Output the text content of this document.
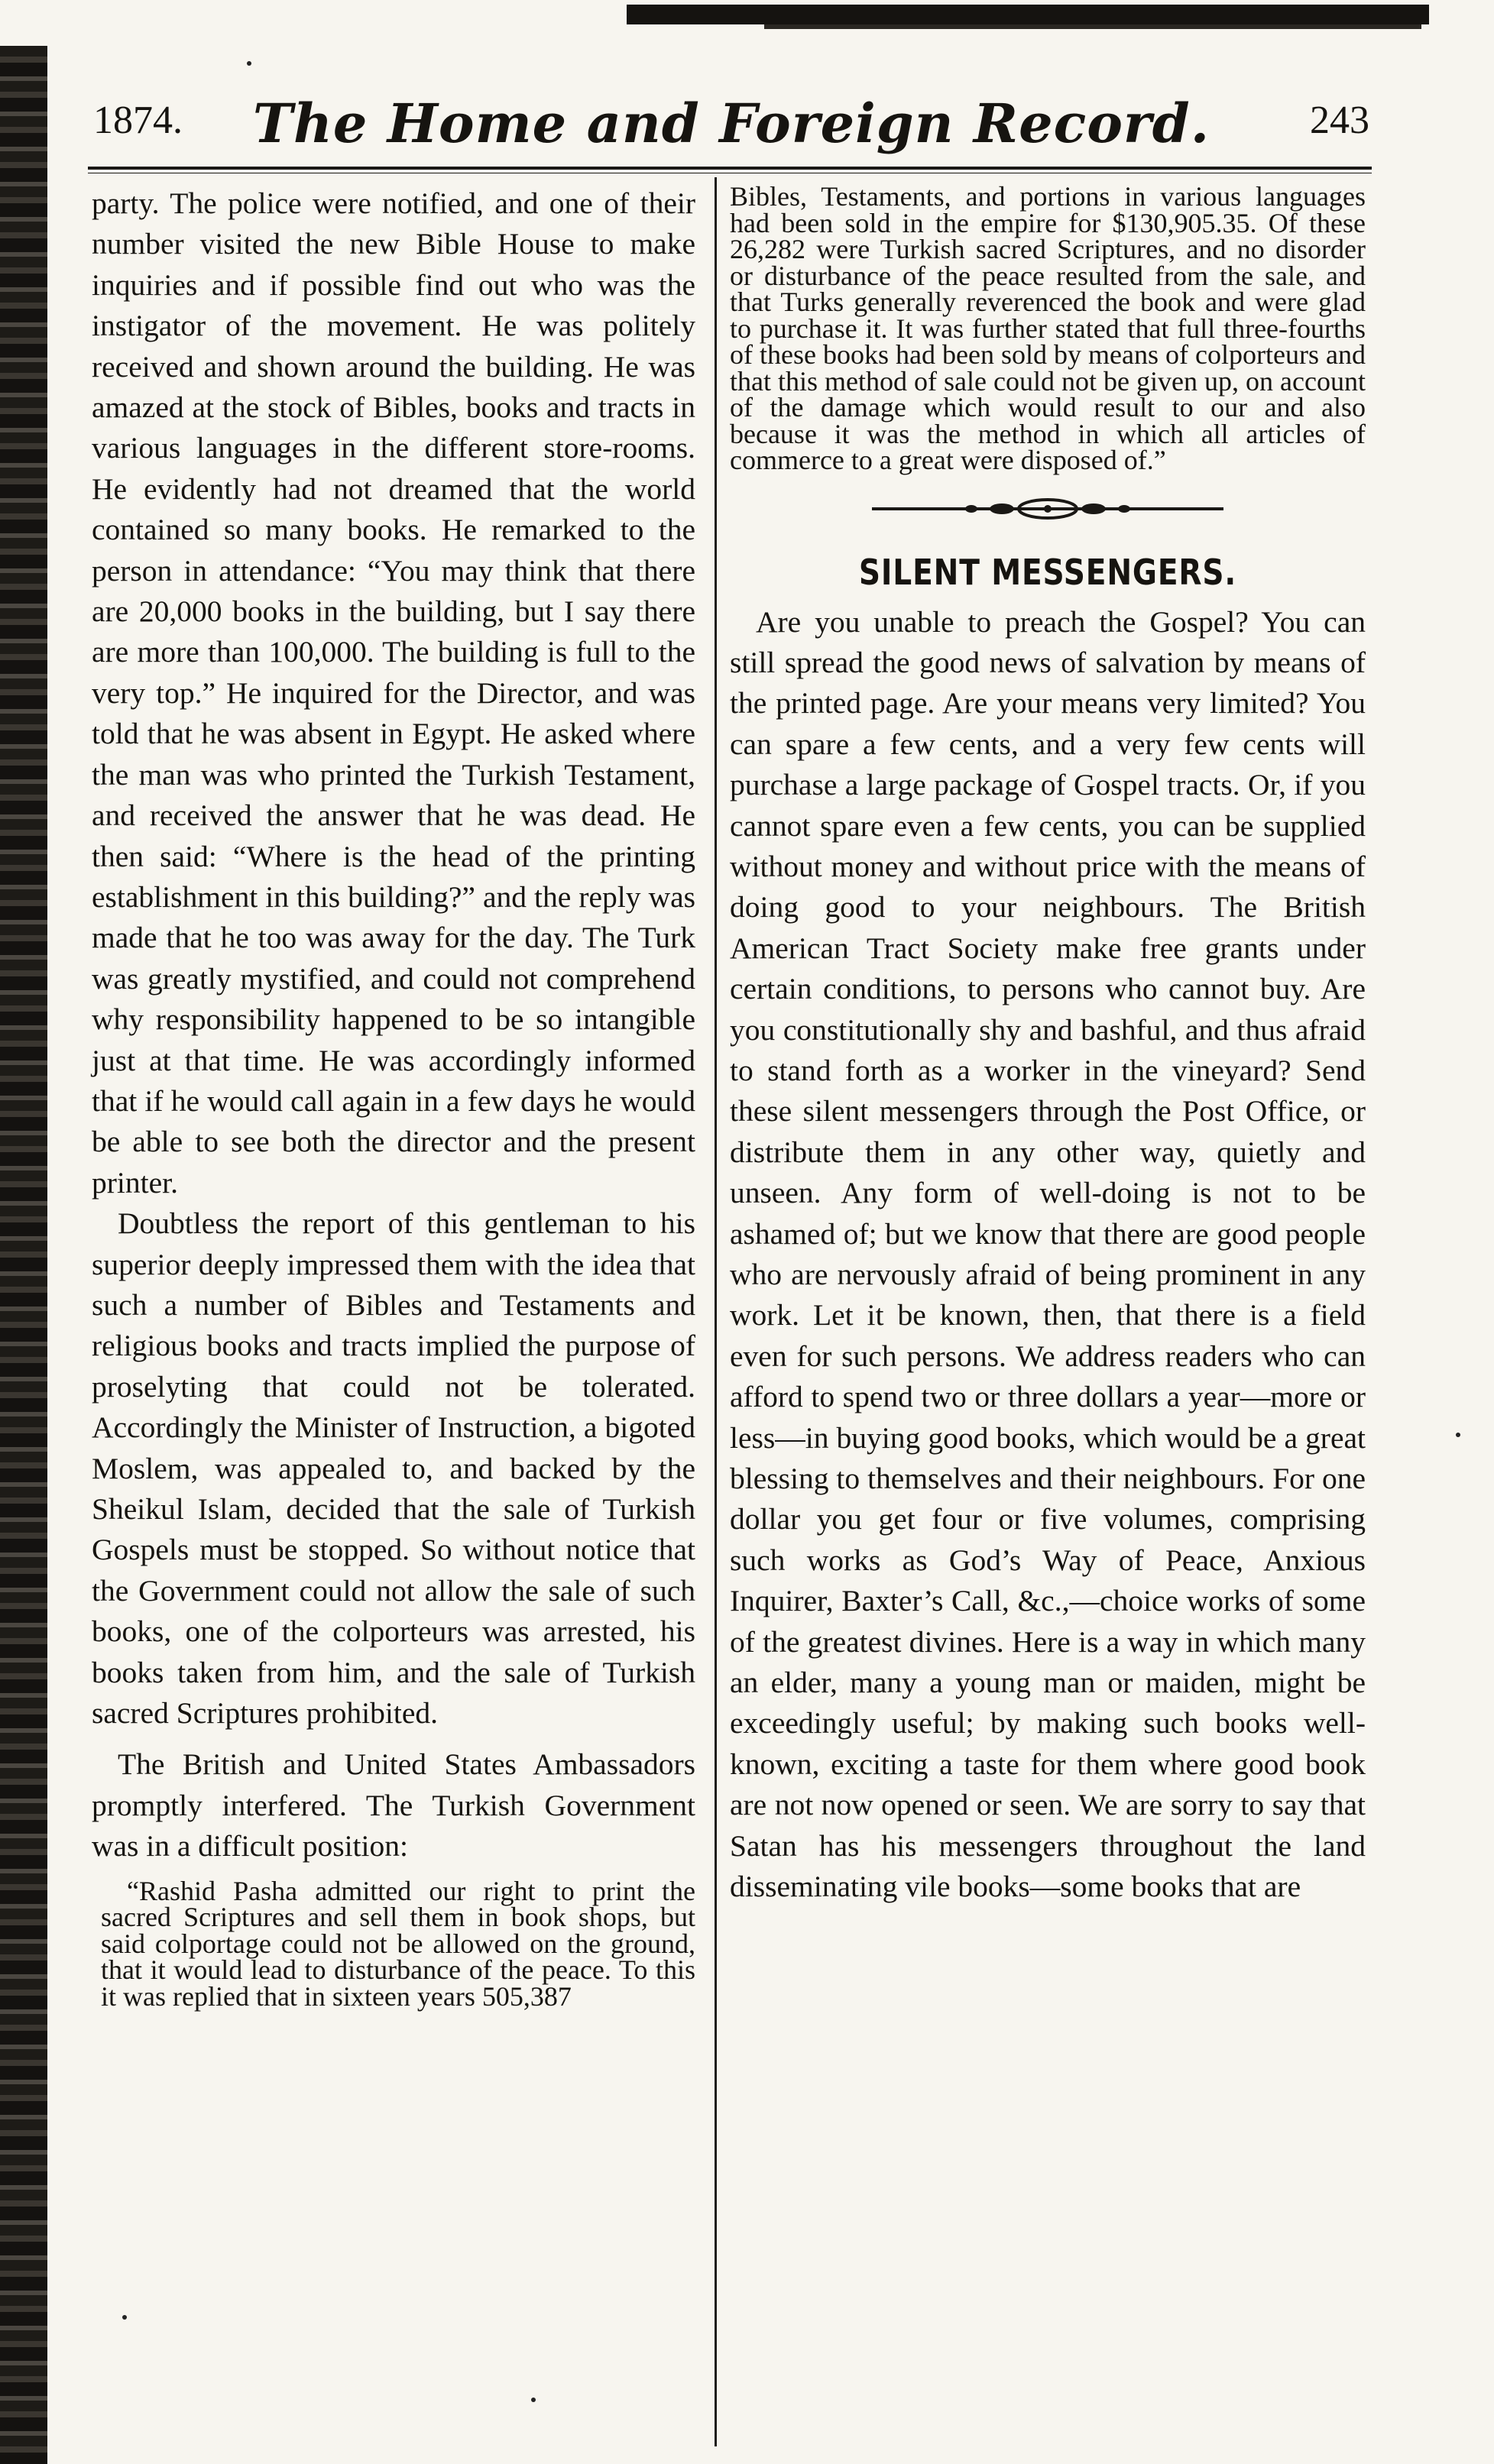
1874.	The Home and Foreign Record.	243

party. The police were notified, and one of their number visited the new Bible House to make inquiries and if possible find out who was the instigator of the movement. He was politely received and shown around the building. He was amazed at the stock of Bibles, books and tracts in various languages in the different store-rooms. He evidently had not dreamed that the world contained so many books. He remarked to the person in attendance: “You may think that there are 20,000 books in the building, but I say there are more than 100,000. The building is full to the very top.” He inquired for the Director, and was told that he was absent in Egypt. He asked where the man was who printed the Turkish Testament, and received the answer that he was dead. He then said: “Where is the head of the printing establishment in this building?” and the reply was made that he too was away for the day. The Turk was greatly mystified, and could not comprehend why responsibility happened to be so intangible just at that time. He was accordingly informed that if he would call again in a few days he would be able to see both the director and the present printer.

Doubtless the report of this gentleman to his superior deeply impressed them with the idea that such a number of Bibles and Testaments and religious books and tracts implied the purpose of proselyting that could not be tolerated. Accordingly the Minister of Instruction, a bigoted Moslem, was appealed to, and backed by the Sheikul Islam, decided that the sale of Turkish Gospels must be stopped. So without notice that the Government could not allow the sale of such books, one of the colporteurs was arrested, his books taken from him, and the sale of Turkish sacred Scriptures prohibited.

The British and United States Ambassadors promptly interfered. The Turkish Government was in a difficult position:

“Rashid Pasha admitted our right to print the sacred Scriptures and sell them in book shops, but said colportage could not be allowed on the ground, that it would lead to disturbance of the peace. To this it was replied that in sixteen years 505,387

Bibles, Testaments, and portions in various languages had been sold in the empire for $130,905.35. Of these 26,282 were Turkish sacred Scriptures, and no disorder or disturbance of the peace resulted from the sale, and that Turks generally reverenced the book and were glad to purchase it. It was further stated that full three-fourths of these books had been sold by means of colporteurs and that this method of sale could not be given up, on account of the damage which would result to our and also because it was the method in which all articles of commerce to a great were disposed of.”

SILENT MESSENGERS.

Are you unable to preach the Gospel? You can still spread the good news of salvation by means of the printed page. Are your means very limited? You can spare a few cents, and a very few cents will purchase a large package of Gospel tracts. Or, if you cannot spare even a few cents, you can be supplied without money and without price with the means of doing good to your neighbours. The British American Tract Society make free grants under certain conditions, to persons who cannot buy. Are you constitutionally shy and bashful, and thus afraid to stand forth as a worker in the vineyard? Send these silent messengers through the Post Office, or distribute them in any other way, quietly and unseen. Any form of well-doing is not to be ashamed of; but we know that there are good people who are nervously afraid of being prominent in any work. Let it be known, then, that there is a field even for such persons. We address readers who can afford to spend two or three dollars a year—more or less—in buying good books, which would be a great blessing to themselves and their neighbours. For one dollar you get four or five volumes, comprising such works as God’s Way of Peace, Anxious Inquirer, Baxter’s Call, &c.,—choice works of some of the greatest divines. Here is a way in which many an elder, many a young man or maiden, might be exceedingly useful; by making such books well-known, exciting a taste for them where good book are not now opened or seen. We are sorry to say that Satan has his messengers throughout the land disseminating vile books—some books that are
